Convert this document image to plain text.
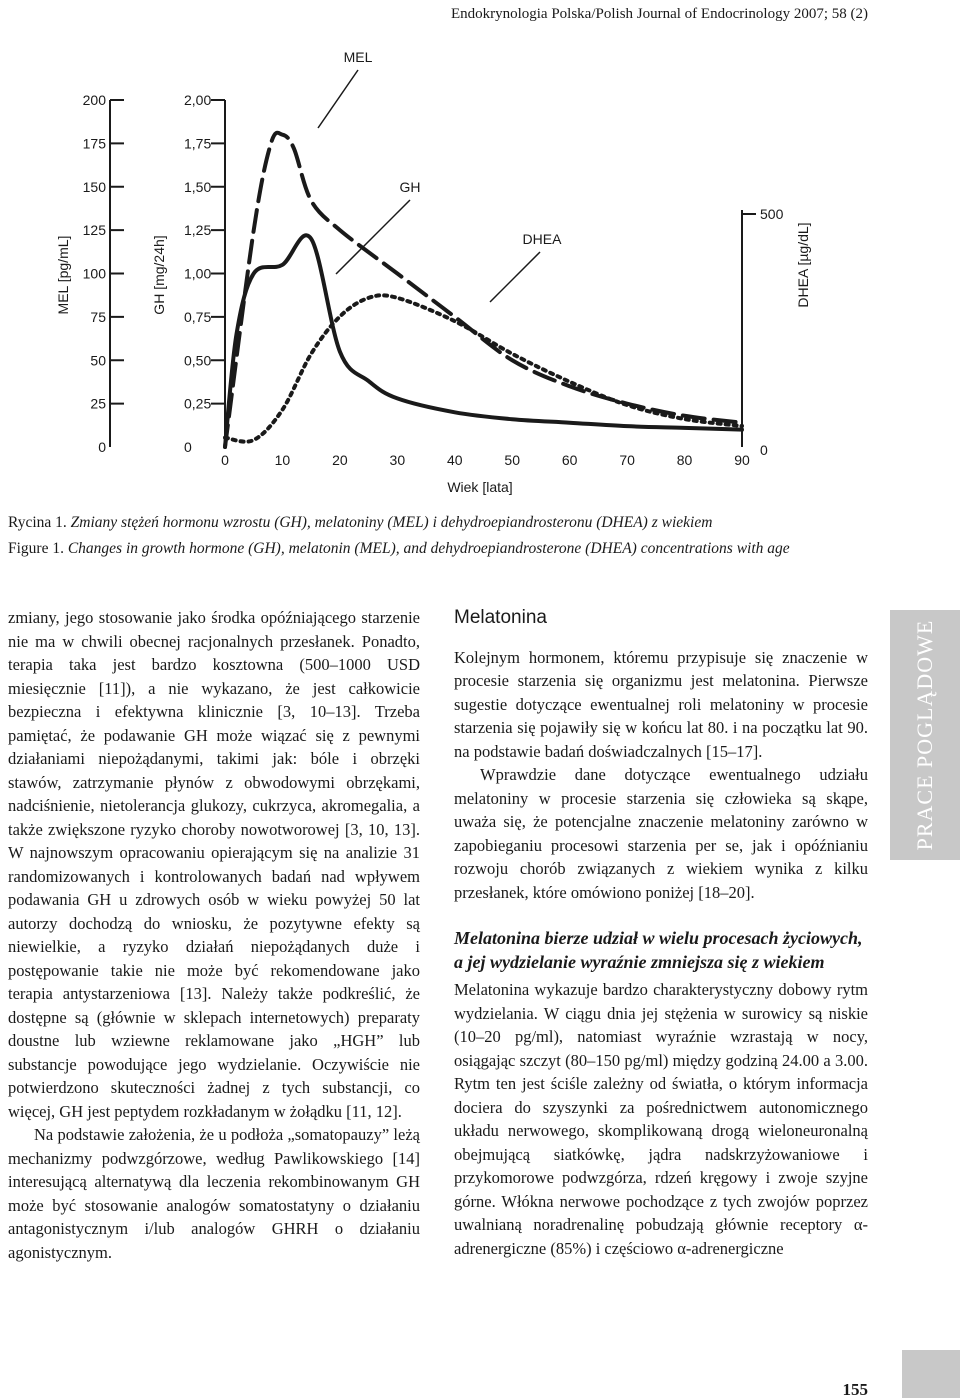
Endokrynologia Polska/Polish Journal of Endocrinology 2007; 58 (2)
200
175
150
125
100
75
50
25
0
2,00
1,75
1,50
1,25
1,00
0,75
0,50
0,25
0
500
0
0	10	20	30	40	50	60	70	80	90
Wiek [lata]
MEL [pg/mL]	GH [mg/24h]	DHEA [µg/dL]
MEL
GH
DHEA
Rycina 1. Zmiany stężeń hormonu wzrostu (GH), melatoniny (MEL) i dehydroepiandrosteronu (DHEA) z wiekiem
Figure 1. Changes in growth hormone (GH), melatonin (MEL), and dehydroepiandrosterone (DHEA) concentrations with age

zmiany, jego stosowanie jako środka opóźniającego starzenie nie ma w chwili obecnej racjonalnych przesłanek. Ponadto, terapia taka jest bardzo kosztowna (500–1000 USD miesięcznie [11]), a nie wykazano, że jest całkowicie bezpieczna i efektywna klinicznie [3, 10–13]. Trzeba pamiętać, że podawanie GH może wiązać się z pewnymi działaniami niepożądanymi, takimi jak: bóle i obrzęki stawów, zatrzymanie płynów z obwodowymi obrzękami, nadciśnienie, nietolerancja glukozy, cukrzyca, akromegalia, a także zwiększone ryzyko choroby nowotworowej [3, 10, 13]. W najnowszym opracowaniu opierającym się na analizie 31 randomizowanych i kontrolowanych badań nad wpływem podawania GH u zdrowych osób w wieku powyżej 50 lat autorzy dochodzą do wniosku, że pozytywne efekty są niewielkie, a ryzyko działań niepożądanych duże i postępowanie takie nie może być rekomendowane jako terapia antystarzeniowa [13]. Należy także podkreślić, że dostępne są (głównie w sklepach internetowych) preparaty doustne lub wziewne reklamowane jako „HGH” lub substancje powodujące jego wydzielanie. Oczywiście nie potwierdzono skuteczności żadnej z tych substancji, co więcej, GH jest peptydem rozkładanym w żołądku [11, 12].

Na podstawie założenia, że u podłoża „somatopauzy” leżą mechanizmy podwzgórzowe, według Pawlikowskiego [14] interesującą alternatywą dla leczenia rekombinowanym GH może być stosowanie analogów somatostatyny o działaniu antagonistycznym i/lub analogów GHRH o działaniu agonistycznym.

Melatonina

Kolejnym hormonem, któremu przypisuje się znaczenie w procesie starzenia się organizmu jest melatonina. Pierwsze sugestie dotyczące ewentualnej roli melatoniny w procesie starzenia się pojawiły się w końcu lat 80. i na początku lat 90. na podstawie badań doświadczalnych [15–17].

Wprawdzie dane dotyczące ewentualnego udziału melatoniny w procesie starzenia się człowieka są skąpe, uważa się, że potencjalne znaczenie melatoniny zarówno w zapobieganiu procesowi starzenia per se, jak i opóźnianiu rozwoju chorób związanych z wiekiem wynika z kilku przesłanek, które omówiono poniżej [18–20].

Melatonina bierze udział w wielu procesach życiowych, a jej wydzielanie wyraźnie zmniejsza się z wiekiem

Melatonina wykazuje bardzo charakterystyczny dobowy rytm wydzielania. W ciągu dnia jej stężenia w surowicy są niskie (10–20 pg/ml), natomiast wyraźnie wzrastają w nocy, osiągając szczyt (80–150 pg/ml) między godziną 24.00 a 3.00. Rytm ten jest ściśle zależny od światła, o którym informacja dociera do szyszynki za pośrednictwem autonomicznego układu nerwowego, skomplikowaną drogą wieloneuronalną obejmującą siatkówkę, jądra nadskrzyżowaniowe i przykomorowe podwzgórza, rdzeń kręgowy i zwoje szyjne górne. Włókna nerwowe pochodzące z tych zwojów poprzez uwalnianą noradrenalinę pobudzają głównie receptory α-adrenergiczne (85%) i częściowo α-adrenergiczne

PRACE POGLĄDOWE
155
